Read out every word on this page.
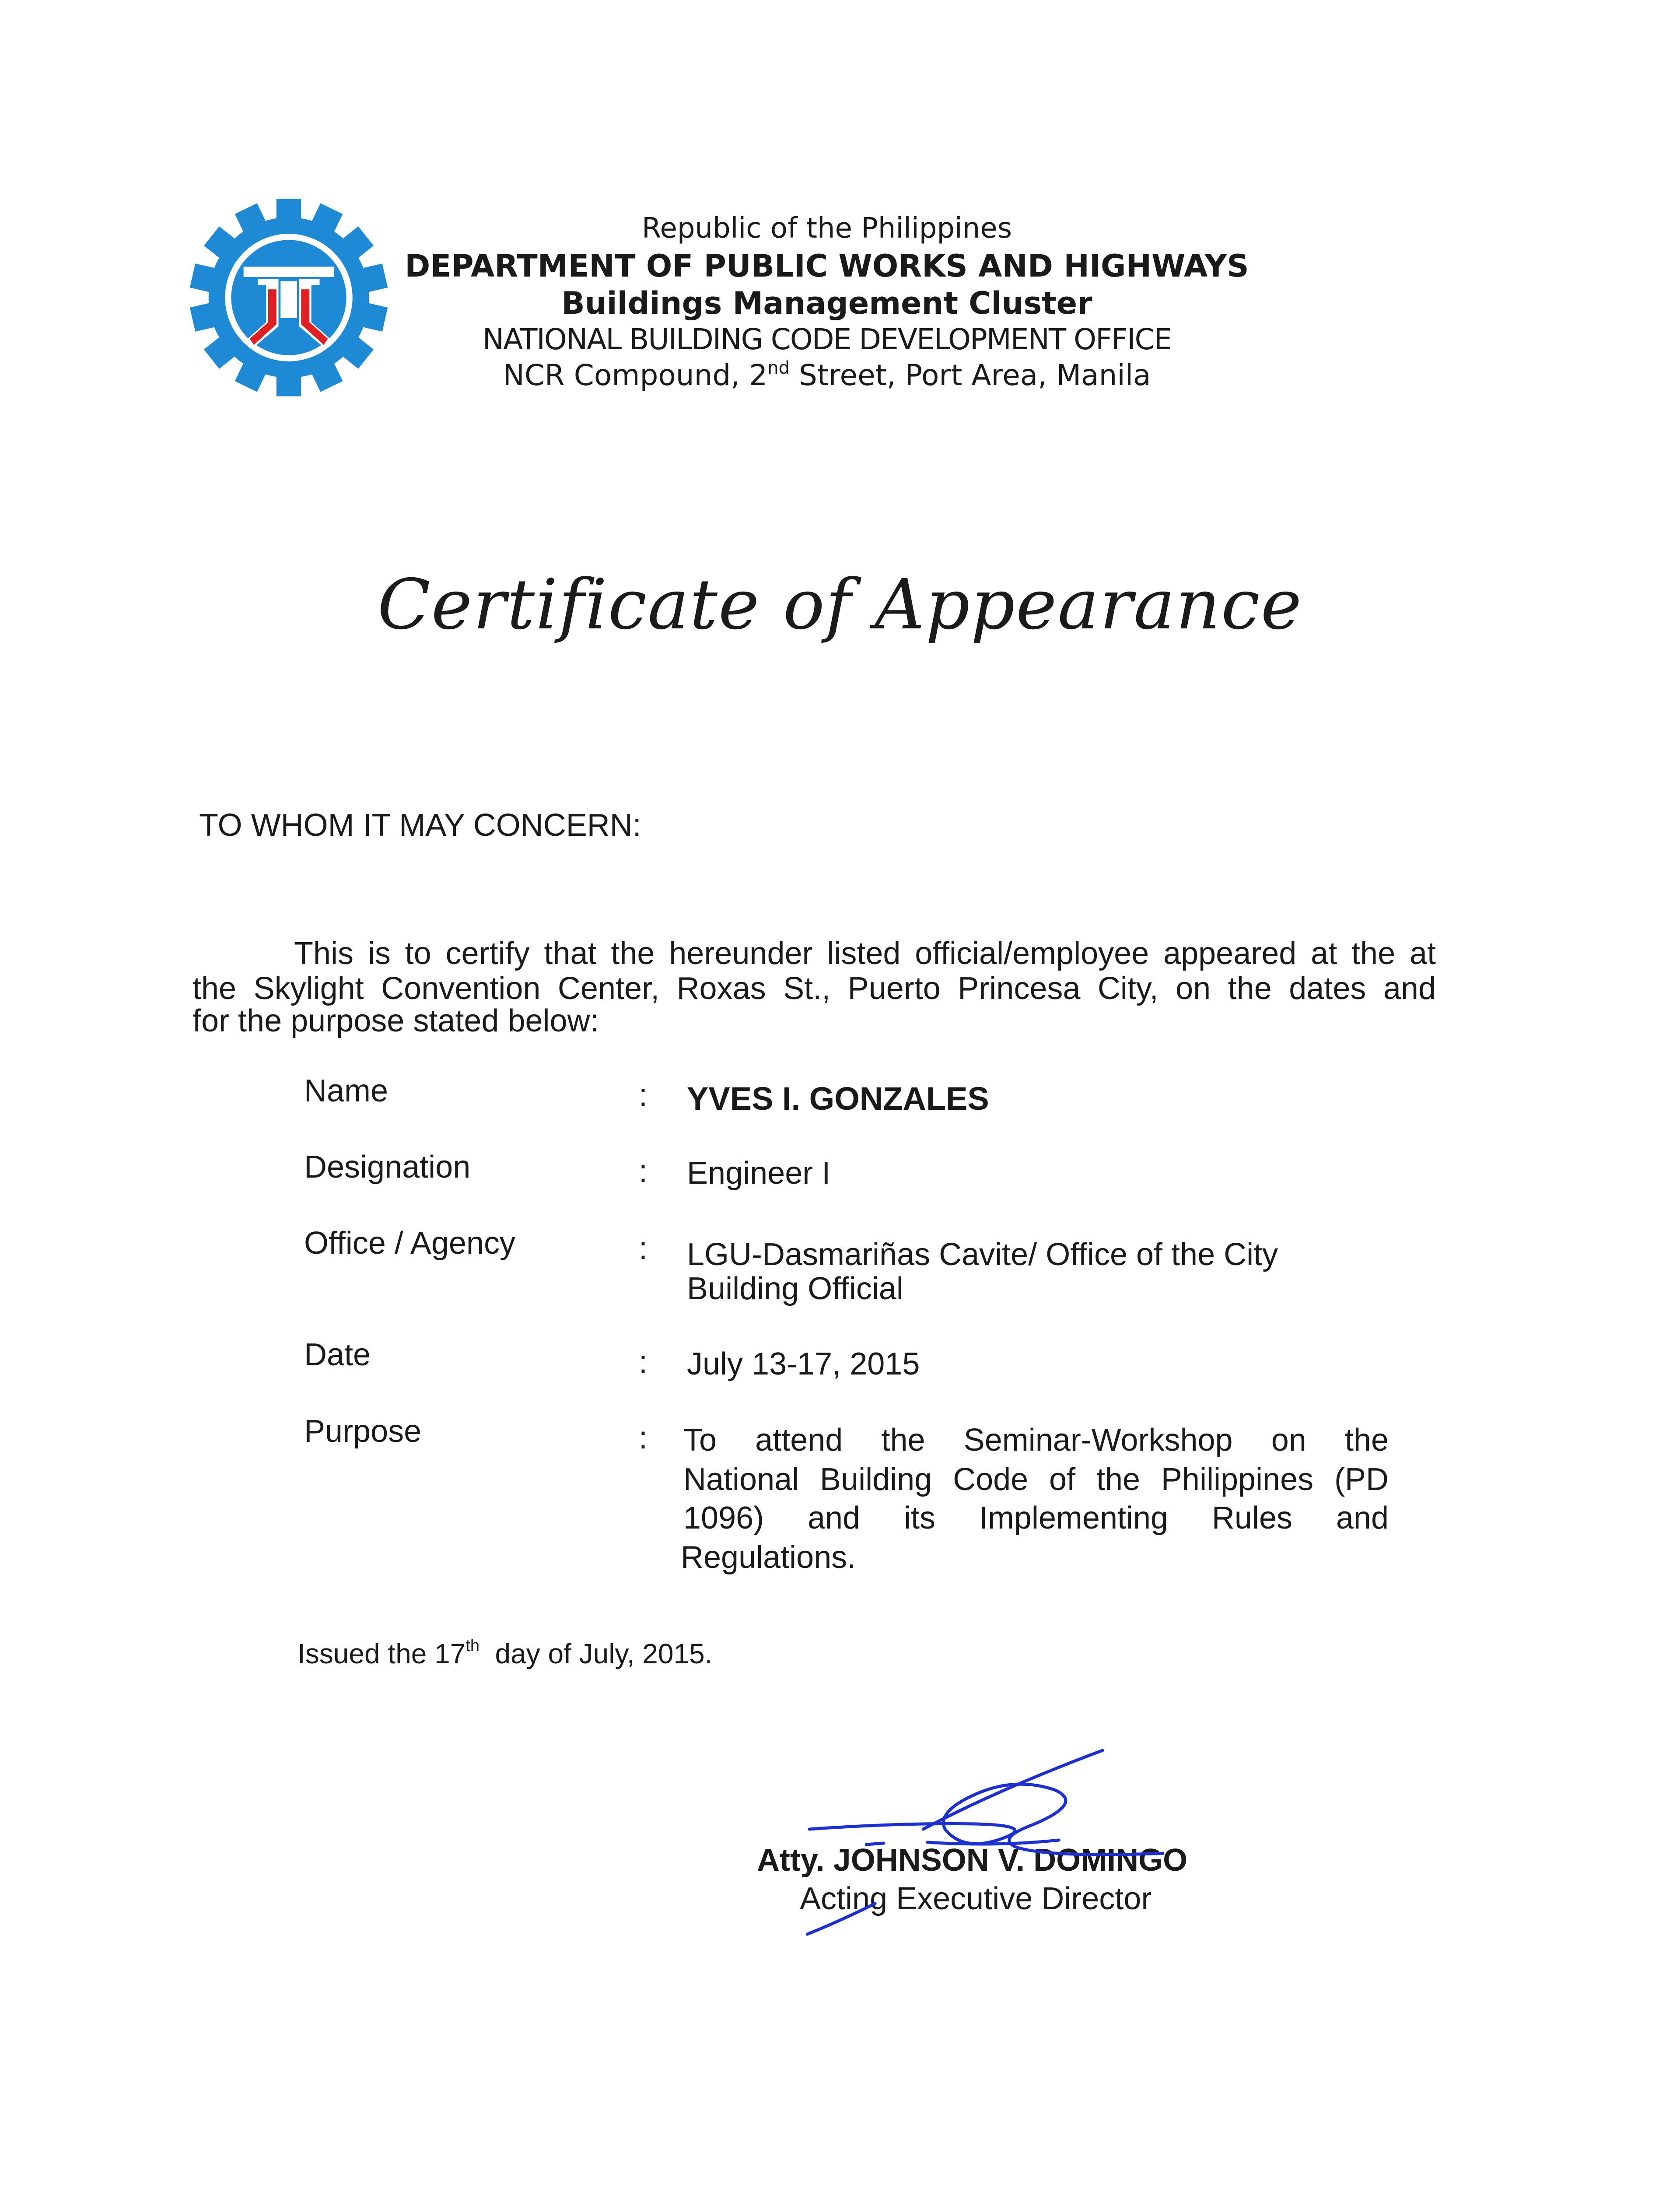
Republic of the Philippines
DEPARTMENT OF PUBLIC WORKS AND HIGHWAYS
Buildings Management Cluster
NATIONAL BUILDING CODE DEVELOPMENT OFFICE
NCR Compound, 2nd Street, Port Area, Manila
Certificate of Appearance
TO WHOM IT MAY CONCERN:
This is to certify that the hereunder listed official/employee appeared at the at
the Skylight Convention Center, Roxas St., Puerto Princesa City, on the dates and
for the purpose stated below:
Name	: YVES I. GONZALES
Designation	: Engineer I
Office / Agency	: LGU-Dasmariñas Cavite/ Office of the City
Building Official
Date	: July 13-17, 2015
Purpose	: To attend the Seminar-Workshop on the
National Building Code of the Philippines (PD
1096) and its Implementing Rules and
Regulations.
Issued the 17th  day of July, 2015.
Atty. JOHNSON V. DOMINGO
Acting Executive Director
